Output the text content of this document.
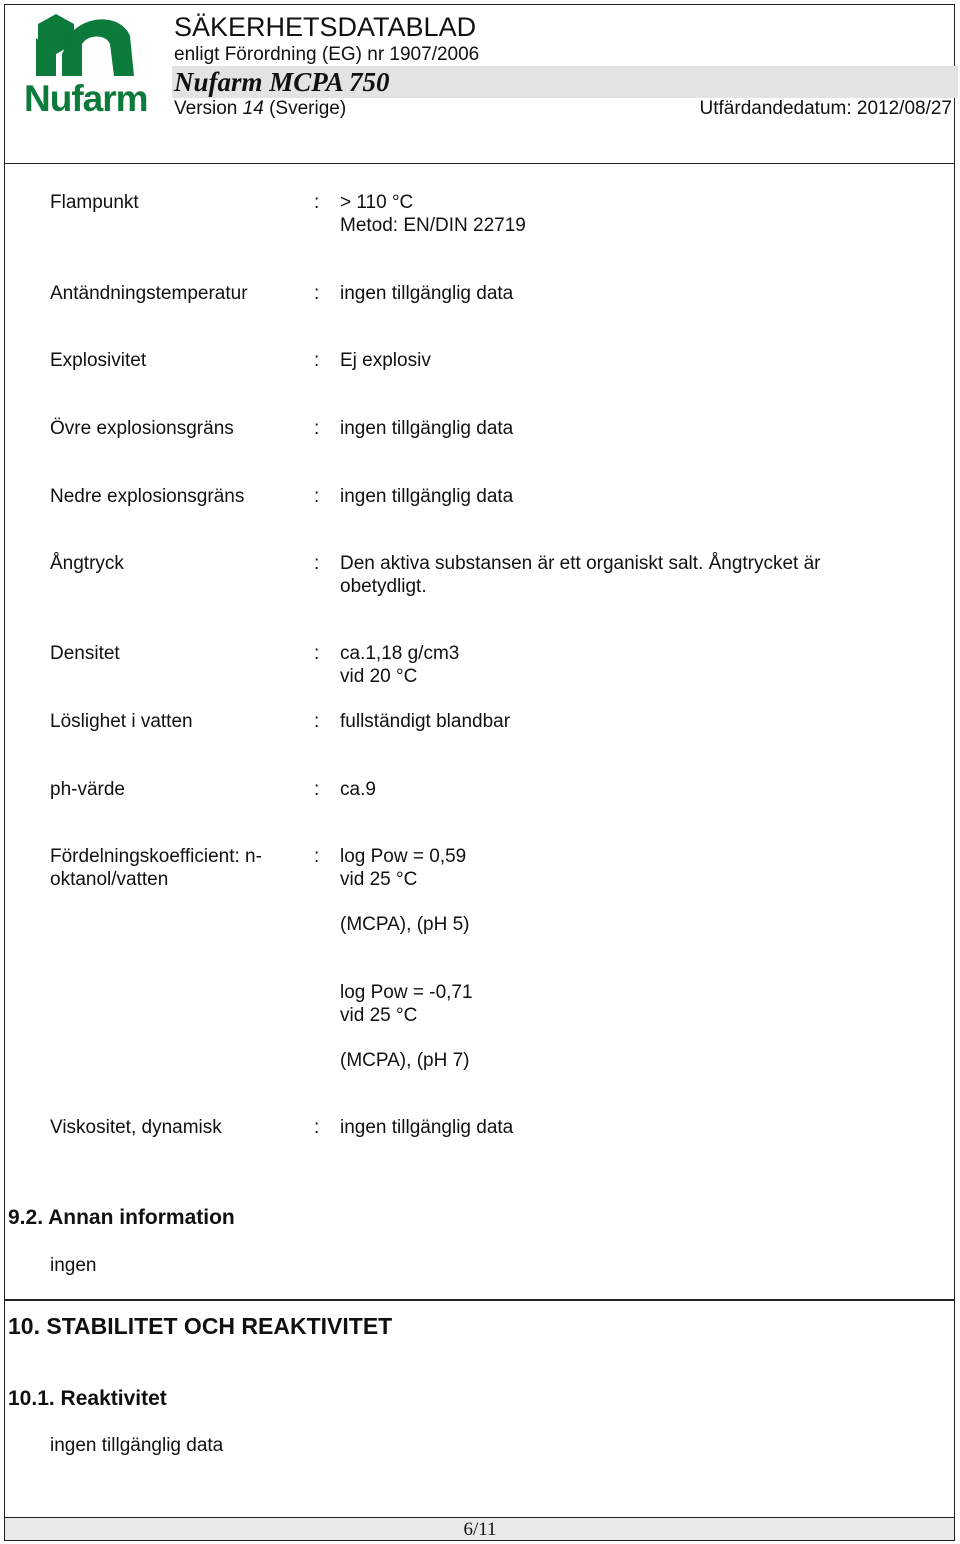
Nufarm
SÄKERHETSDATABLAD
enligt Förordning (EG) nr 1907/2006
Nufarm MCPA 750
Version 14 (Sverige)	Utfärdandedatum: 2012/08/27
Flampunkt	: > 110 °C
Metod: EN/DIN 22719
Antändningstemperatur	: ingen tillgänglig data
Explosivitet	: Ej explosiv
Övre explosionsgräns	: ingen tillgänglig data
Nedre explosionsgräns	: ingen tillgänglig data
Ångtryck	: Den aktiva substansen är ett organiskt salt. Ångtrycket är
obetydligt.
Densitet	: ca.1,18 g/cm3
vid 20 °C
Löslighet i vatten	: fullständigt blandbar
ph-värde	: ca.9
Fördelningskoefficient: n-
oktanol/vatten
: log Pow = 0,59
vid 25 °C
(MCPA), (pH 5)
log Pow = -0,71
vid 25 °C
(MCPA), (pH 7)
Viskositet, dynamisk	: ingen tillgänglig data
9.2. Annan information
ingen
10. STABILITET OCH REAKTIVITET
10.1. Reaktivitet
ingen tillgänglig data
6/11
